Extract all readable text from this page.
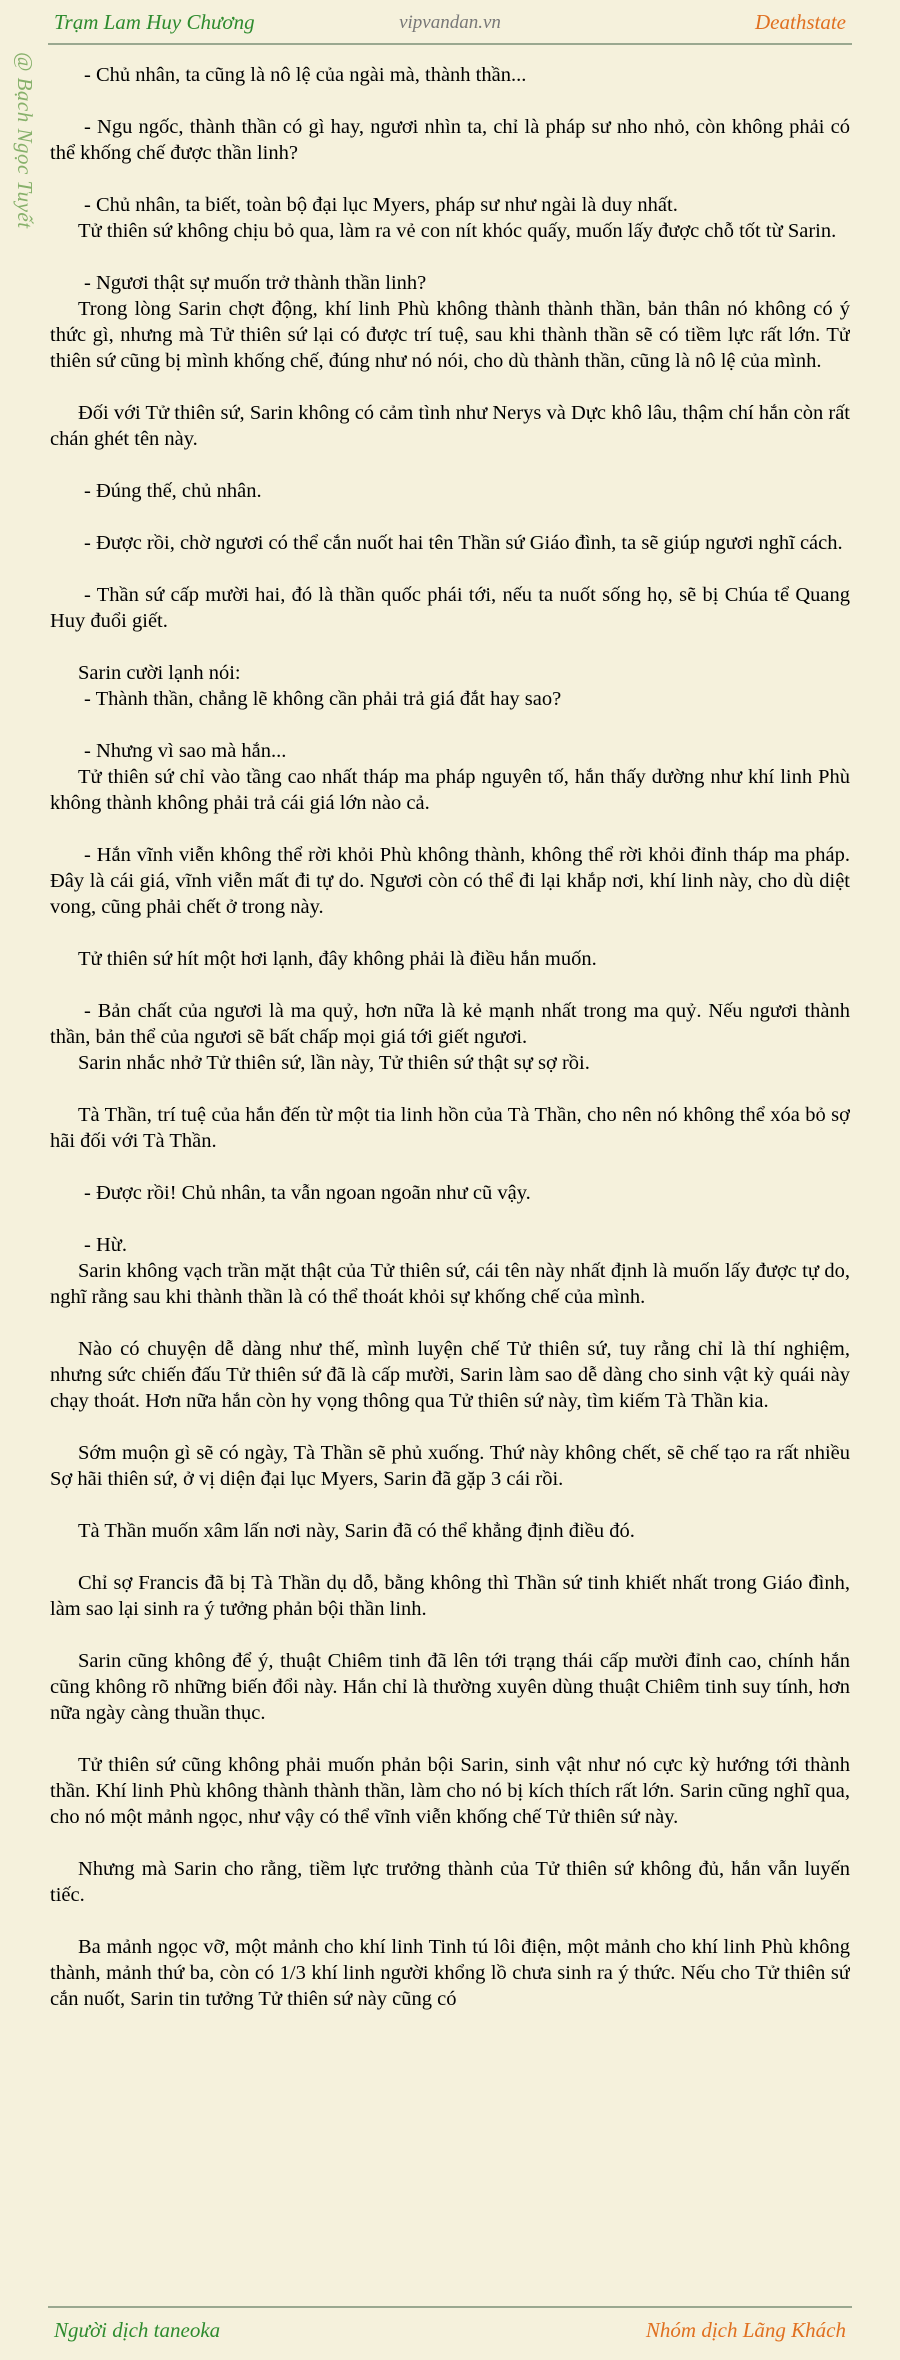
Trạm Lam Huy Chương	vipvandan.vn	Deathstate
@ Bạch Ngọc Tuyết	- Chủ nhân, ta cũng là nô lệ của ngài mà, thành thần...

- Ngu ngốc, thành thần có gì hay, ngươi nhìn ta, chỉ là pháp sư nho nhỏ, còn không phải có thể khống chế được thần linh?

- Chủ nhân, ta biết, toàn bộ đại lục Myers, pháp sư như ngài là duy nhất.

Tử thiên sứ không chịu bỏ qua, làm ra vẻ con nít khóc quấy, muốn lấy được chỗ tốt từ Sarin.

- Ngươi thật sự muốn trở thành thần linh?

Trong lòng Sarin chợt động, khí linh Phù không thành thành thần, bản thân nó không có ý thức gì, nhưng mà Tử thiên sứ lại có được trí tuệ, sau khi thành thần sẽ có tiềm lực rất lớn. Tử thiên sứ cũng bị mình khống chế, đúng như nó nói, cho dù thành thần, cũng là nô lệ của mình.

Đối với Tử thiên sứ, Sarin không có cảm tình như Nerys và Dực khô lâu, thậm chí hắn còn rất chán ghét tên này.

- Đúng thế, chủ nhân.

- Được rồi, chờ ngươi có thể cắn nuốt hai tên Thần sứ Giáo đình, ta sẽ giúp ngươi nghĩ cách.

- Thần sứ cấp mười hai, đó là thần quốc phái tới, nếu ta nuốt sống họ, sẽ bị Chúa tể Quang Huy đuổi giết.

Sarin cười lạnh nói:

- Thành thần, chẳng lẽ không cần phải trả giá đắt hay sao?

- Nhưng vì sao mà hắn...

Tử thiên sứ chỉ vào tầng cao nhất tháp ma pháp nguyên tố, hắn thấy dường như khí linh Phù không thành không phải trả cái giá lớn nào cả.

- Hắn vĩnh viễn không thể rời khỏi Phù không thành, không thể rời khỏi đỉnh tháp ma pháp. Đây là cái giá, vĩnh viễn mất đi tự do. Ngươi còn có thể đi lại khắp nơi, khí linh này, cho dù diệt vong, cũng phải chết ở trong này.

Tử thiên sứ hít một hơi lạnh, đây không phải là điều hắn muốn.

- Bản chất của ngươi là ma quỷ, hơn nữa là kẻ mạnh nhất trong ma quỷ. Nếu ngươi thành thần, bản thể của ngươi sẽ bất chấp mọi giá tới giết ngươi.

Sarin nhắc nhở Tử thiên sứ, lần này, Tử thiên sứ thật sự sợ rồi.

Tà Thần, trí tuệ của hắn đến từ một tia linh hồn của Tà Thần, cho nên nó không thể xóa bỏ sợ hãi đối với Tà Thần.

- Được rồi! Chủ nhân, ta vẫn ngoan ngoãn như cũ vậy.

- Hừ.

Sarin không vạch trần mặt thật của Tử thiên sứ, cái tên này nhất định là muốn lấy được tự do, nghĩ rằng sau khi thành thần là có thể thoát khỏi sự khống chế của mình.

Nào có chuyện dễ dàng như thế, mình luyện chế Tử thiên sứ, tuy rằng chỉ là thí nghiệm, nhưng sức chiến đấu Tử thiên sứ đã là cấp mười, Sarin làm sao dễ dàng cho sinh vật kỳ quái này chạy thoát. Hơn nữa hắn còn hy vọng thông qua Tử thiên sứ này, tìm kiếm Tà Thần kia.

Sớm muộn gì sẽ có ngày, Tà Thần sẽ phủ xuống. Thứ này không chết, sẽ chế tạo ra rất nhiều Sợ hãi thiên sứ, ở vị diện đại lục Myers, Sarin đã gặp 3 cái rồi.

Tà Thần muốn xâm lấn nơi này, Sarin đã có thể khẳng định điều đó.

Chỉ sợ Francis đã bị Tà Thần dụ dỗ, bằng không thì Thần sứ tinh khiết nhất trong Giáo đình, làm sao lại sinh ra ý tưởng phản bội thần linh.

Sarin cũng không để ý, thuật Chiêm tinh đã lên tới trạng thái cấp mười đỉnh cao, chính hắn cũng không rõ những biến đổi này. Hắn chỉ là thường xuyên dùng thuật Chiêm tinh suy tính, hơn nữa ngày càng thuần thục.

Tử thiên sứ cũng không phải muốn phản bội Sarin, sinh vật như nó cực kỳ hướng tới thành thần. Khí linh Phù không thành thành thần, làm cho nó bị kích thích rất lớn. Sarin cũng nghĩ qua, cho nó một mảnh ngọc, như vậy có thể vĩnh viễn khống chế Tử thiên sứ này.

Nhưng mà Sarin cho rằng, tiềm lực trưởng thành của Tử thiên sứ không đủ, hắn vẫn luyến tiếc.

Ba mảnh ngọc vỡ, một mảnh cho khí linh Tinh tú lôi điện, một mảnh cho khí linh Phù không thành, mảnh thứ ba, còn có 1/3 khí linh người khổng lồ chưa sinh ra ý thức. Nếu cho Tử thiên sứ cắn nuốt, Sarin tin tưởng Tử thiên sứ này cũng có

Người dịch taneoka	Nhóm dịch Lãng Khách
